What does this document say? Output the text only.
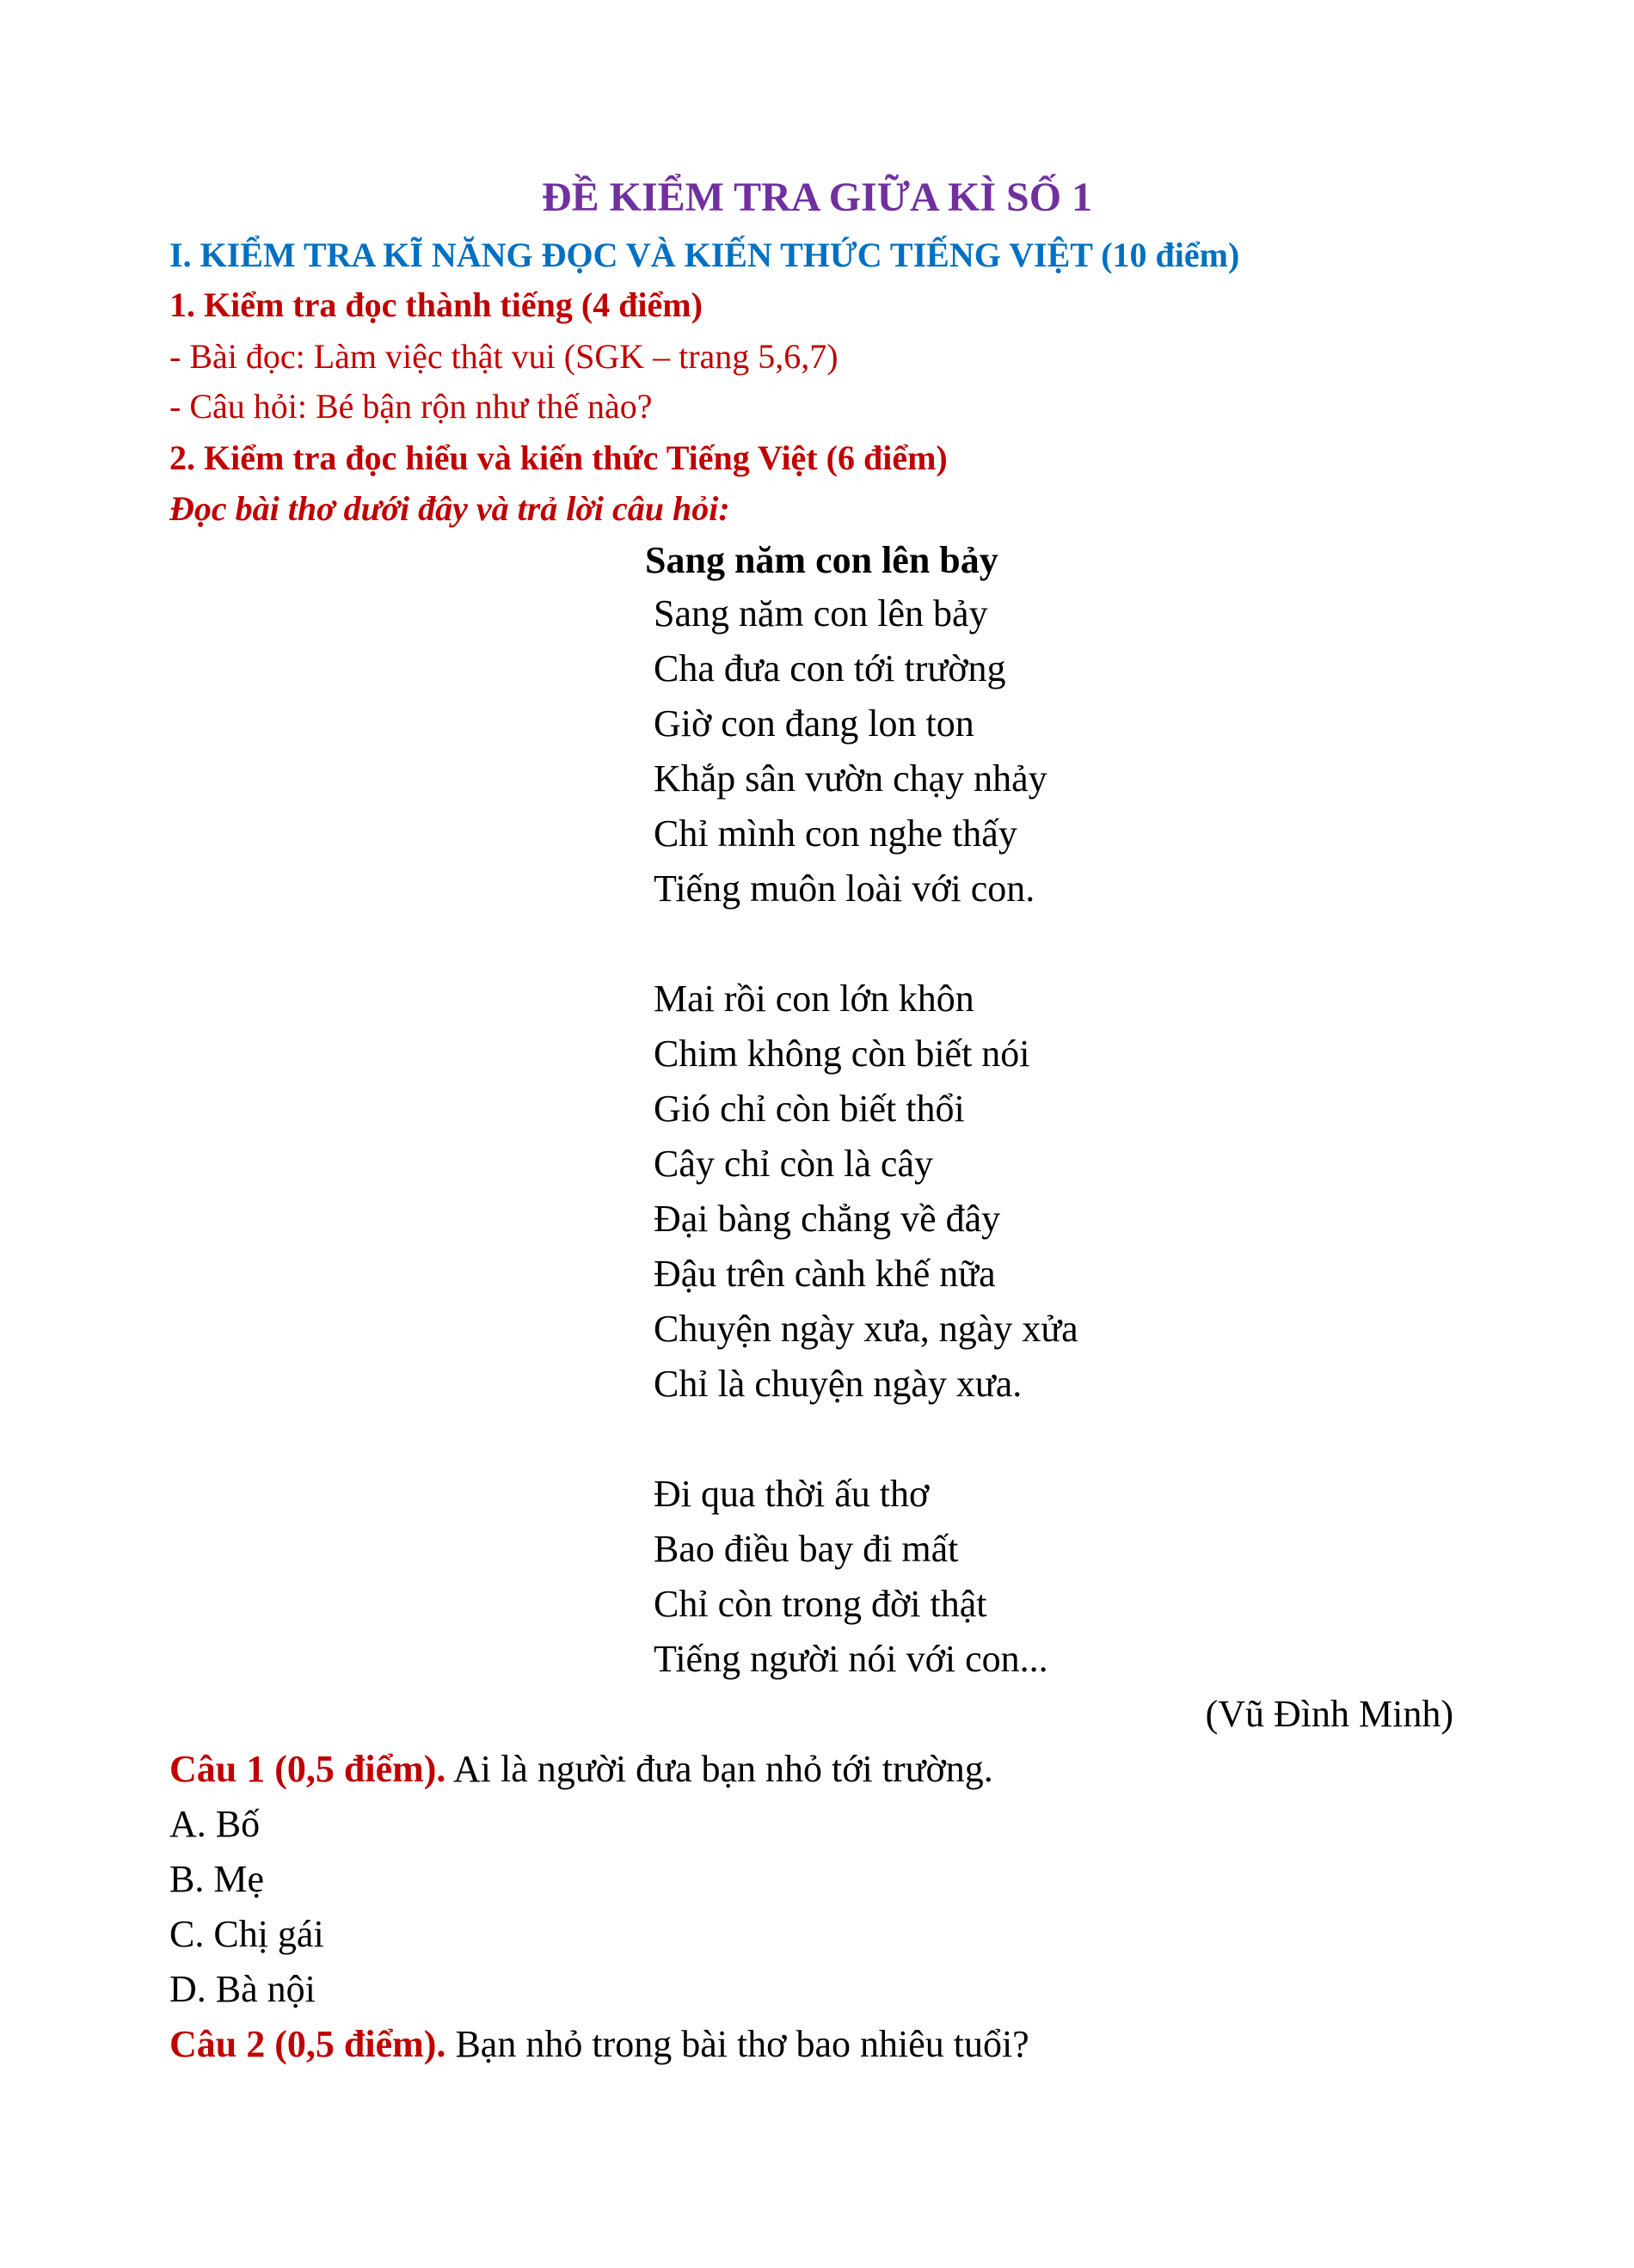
ĐỀ KIỂM TRA GIỮA KÌ SỐ 1
I. KIỂM TRA KĨ NĂNG ĐỌC VÀ KIẾN THỨC TIẾNG VIỆT (10 điểm)
1. Kiểm tra đọc thành tiếng (4 điểm)
- Bài đọc: Làm việc thật vui (SGK – trang 5,6,7)
- Câu hỏi: Bé bận rộn như thế nào?
2. Kiểm tra đọc hiểu và kiến thức Tiếng Việt (6 điểm)
Đọc bài thơ dưới đây và trả lời câu hỏi:
Sang năm con lên bảy
Sang năm con lên bảy
Cha đưa con tới trường
Giờ con đang lon ton
Khắp sân vườn chạy nhảy
Chỉ mình con nghe thấy
Tiếng muôn loài với con.
Mai rồi con lớn khôn
Chim không còn biết nói
Gió chỉ còn biết thổi
Cây chỉ còn là cây
Đại bàng chẳng về đây
Đậu trên cành khế nữa
Chuyện ngày xưa, ngày xửa
Chỉ là chuyện ngày xưa.
Đi qua thời ấu thơ
Bao điều bay đi mất
Chỉ còn trong đời thật
Tiếng người nói với con...
(Vũ Đình Minh)
Câu 1 (0,5 điểm). Ai là người đưa bạn nhỏ tới trường.
A. Bố
B. Mẹ
C. Chị gái
D. Bà nội
Câu 2 (0,5 điểm). Bạn nhỏ trong bài thơ bao nhiêu tuổi?
